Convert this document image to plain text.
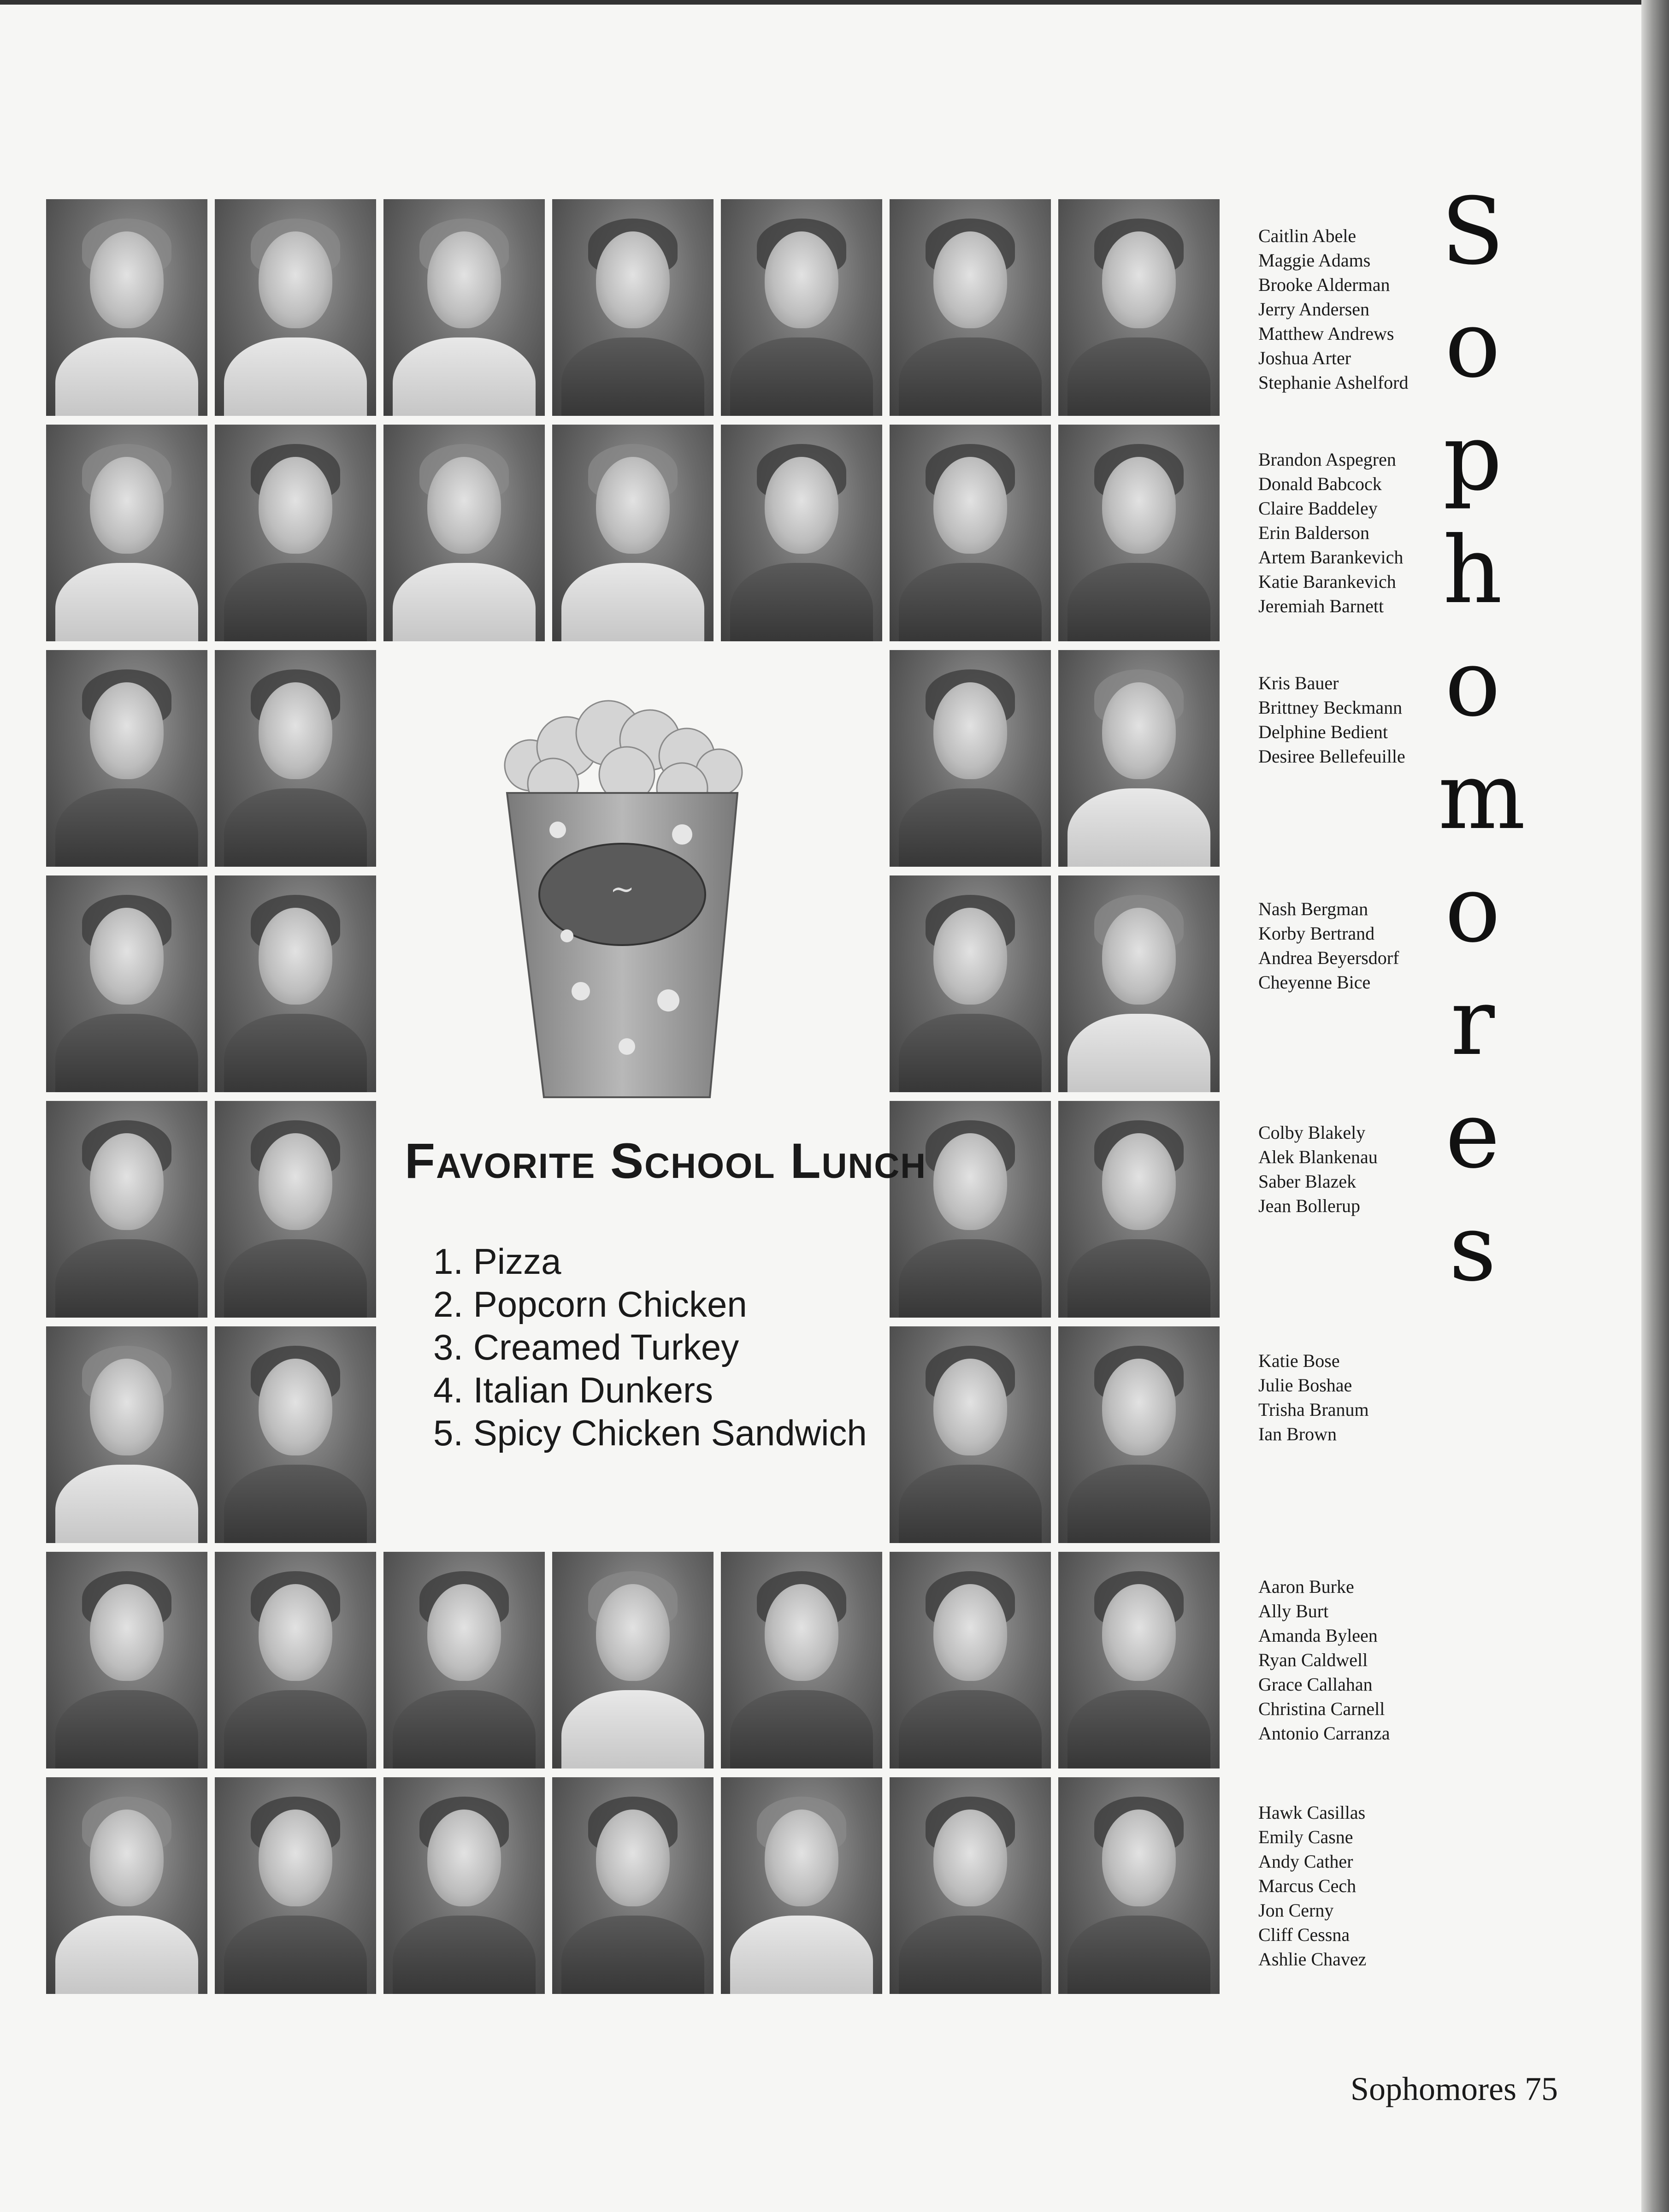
~
Favorite School Lunch
1. Pizza
2. Popcorn Chicken
3. Creamed Turkey
4. Italian Dunkers
5. Spicy Chicken Sandwich
Caitlin Abele
Maggie Adams
Brooke Alderman
Jerry Andersen
Matthew Andrews
Joshua Arter
Stephanie Ashelford
Brandon Aspegren
Donald Babcock
Claire Baddeley
Erin Balderson
Artem Barankevich
Katie Barankevich
Jeremiah Barnett
Kris Bauer
Brittney Beckmann
Delphine Bedient
Desiree Bellefeuille
Nash Bergman
Korby Bertrand
Andrea Beyersdorf
Cheyenne Bice
Colby Blakely
Alek Blankenau
Saber Blazek
Jean Bollerup
Katie Bose
Julie Boshae
Trisha Branum
Ian Brown
Aaron Burke
Ally Burt
Amanda Byleen
Ryan Caldwell
Grace Callahan
Christina Carnell
Antonio Carranza
Hawk Casillas
Emily Casne
Andy Cather
Marcus Cech
Jon Cerny
Cliff Cessna
Ashlie Chavez
S
o
p
h
o
m
o
r
e
s
Sophomores 75
